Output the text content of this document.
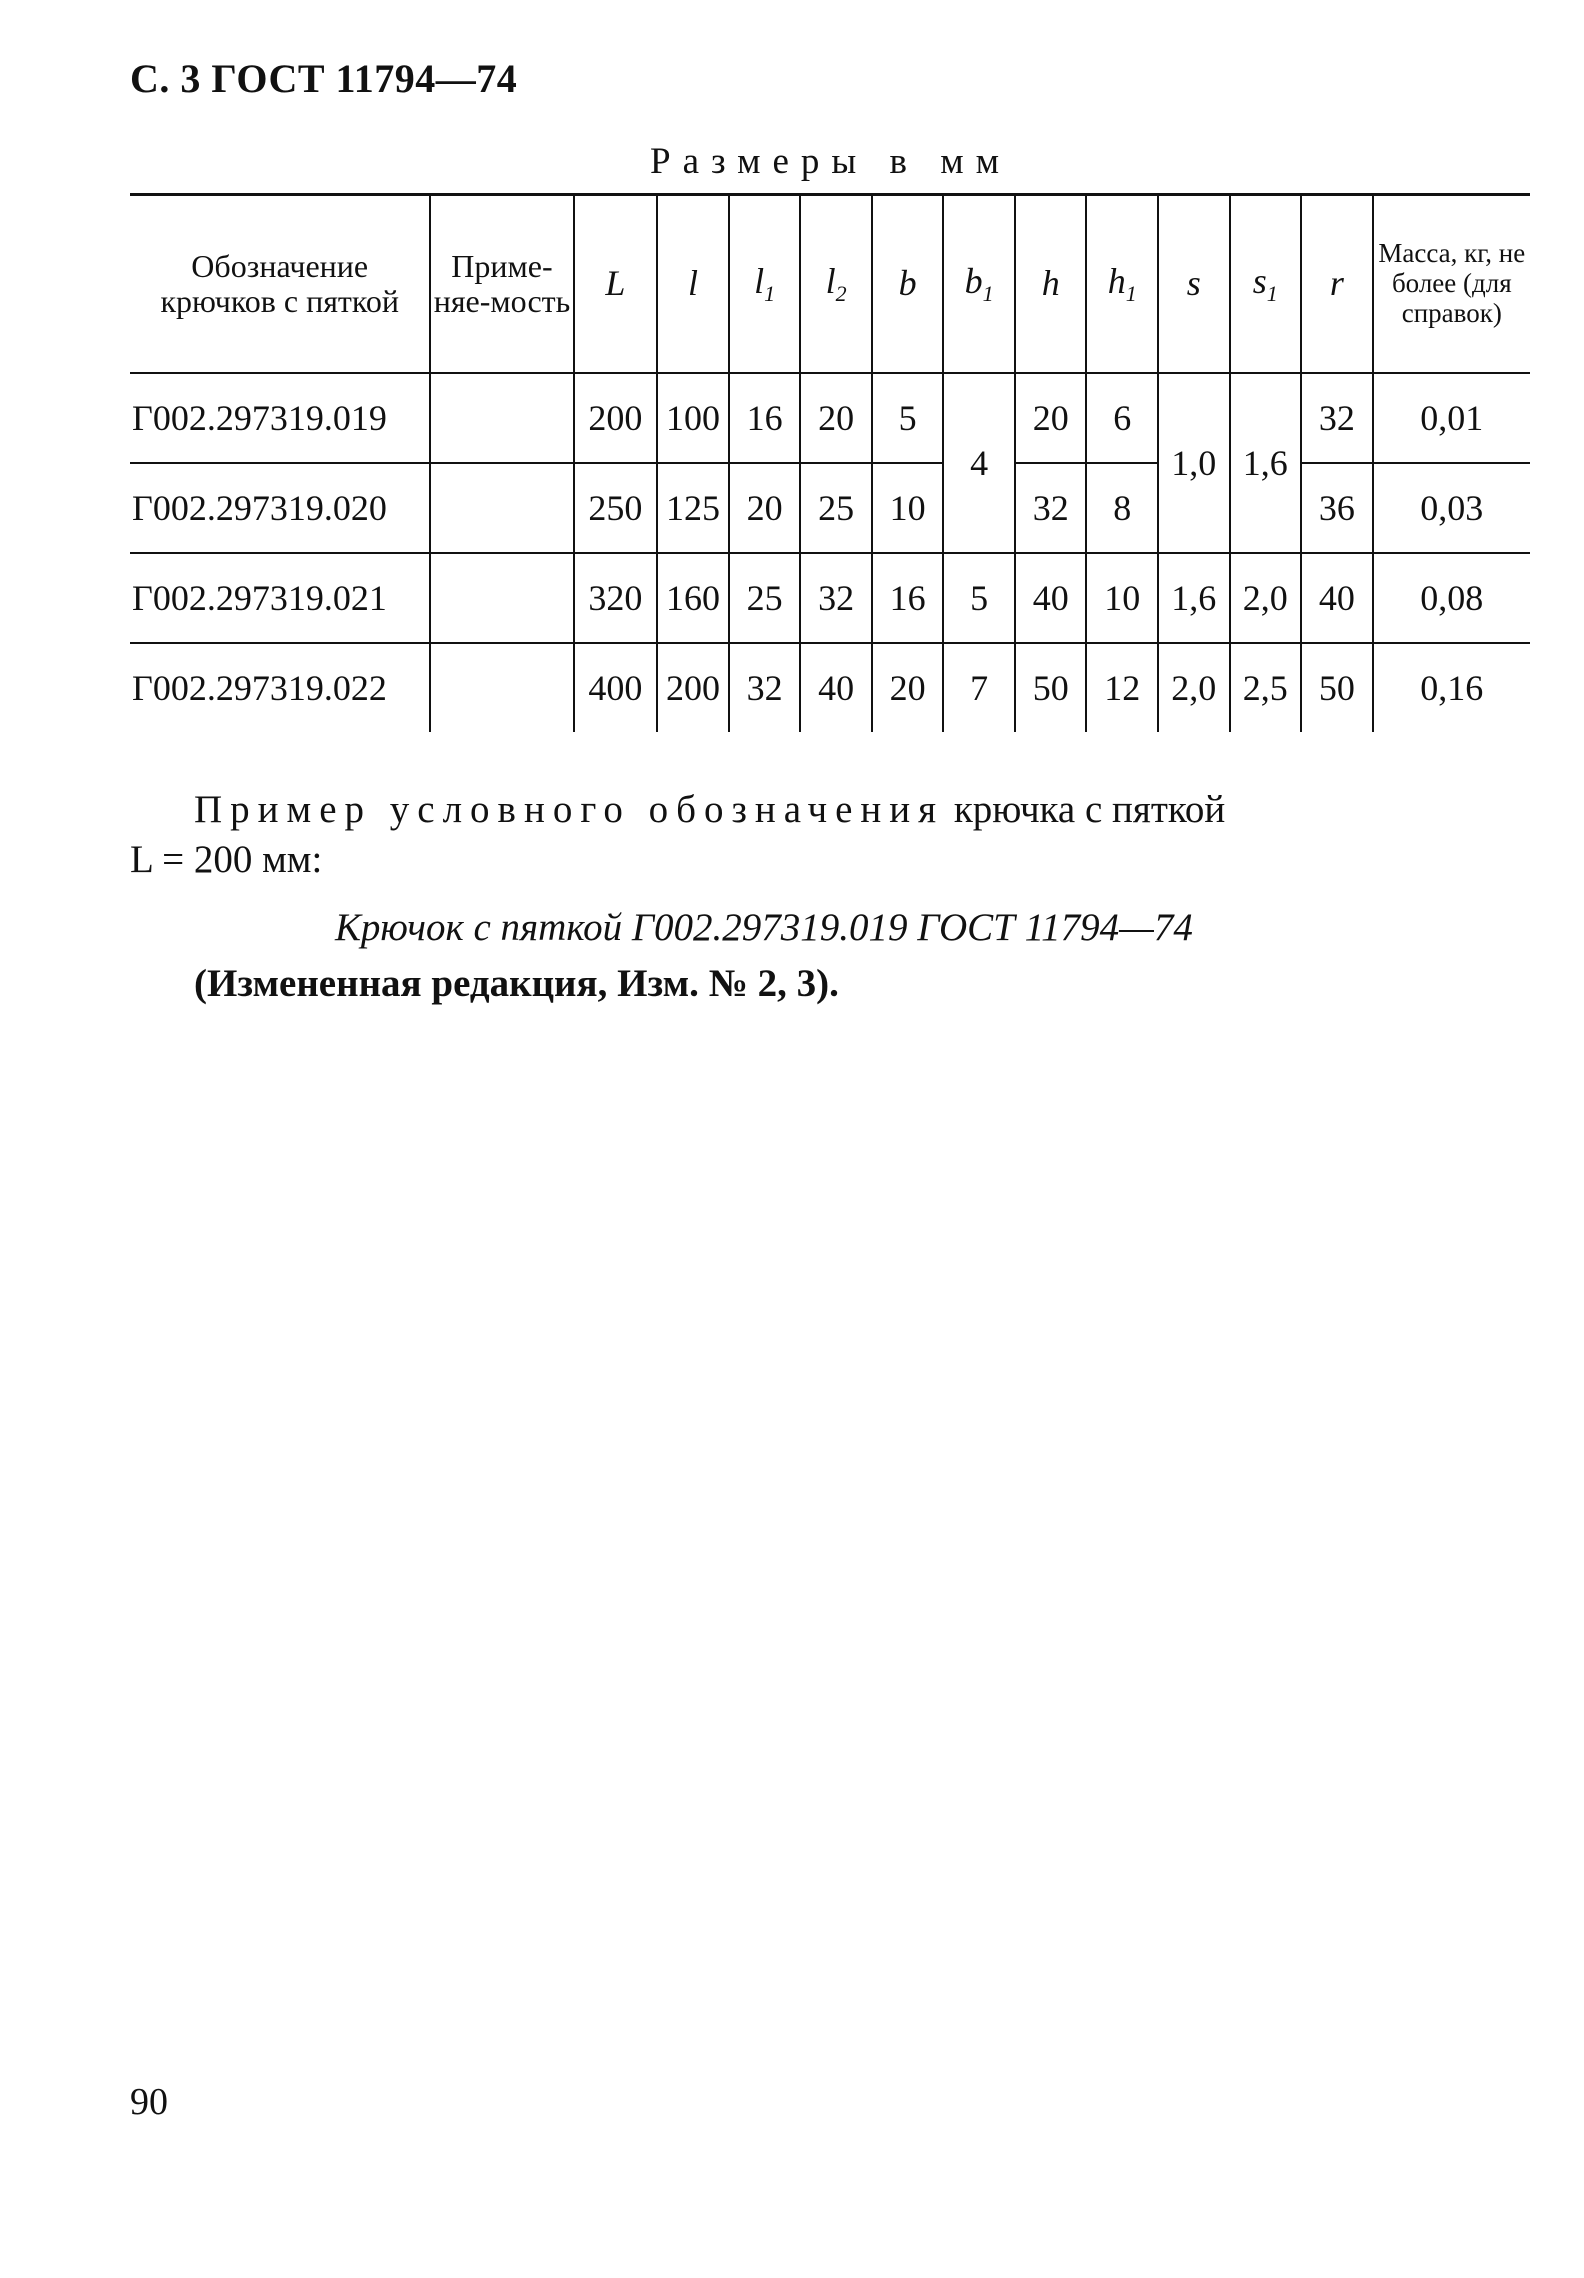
С. 3 ГОСТ 11794—74
Размеры в мм
Обозначение крючков с пяткой	Приме-няе-мость	L	l	$l_1$	$l_2$	b	$b_1$	h	$h_1$	s	$s_1$	r	Масса, кг, не более (для справок)
Г002.297319.019		200	100	16	20	5	4	20	6	1,0	1,6	32	0,01
Г002.297319.020		250	125	20	25	10		32	8			36	0,03
Г002.297319.021		320	160	25	32	16	5	40	10	1,6	2,0	40	0,08
Г002.297319.022		400	200	32	40	20	7	50	12	2,0	2,5	50	0,16
Пример условного обозначения крючка с пяткой
L = 200 мм:
Крючок с пяткой Г002.297319.019 ГОСТ 11794—74
(Измененная редакция, Изм. № 2, 3).
90
